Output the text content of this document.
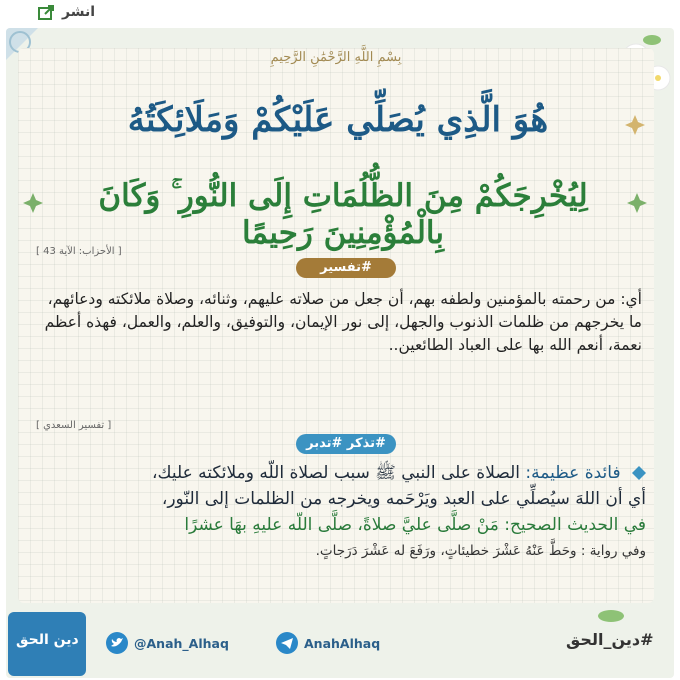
انشر
بِسْمِ اللَّهِ الرَّحْمَٰنِ الرَّحِيمِ
هُوَ الَّذِي يُصَلِّي عَلَيْكُمْ وَمَلَائِكَتُهُ
لِيُخْرِجَكُمْ مِنَ الظُّلُمَاتِ إِلَى النُّورِ ۚ وَكَانَ بِالْمُؤْمِنِينَ رَحِيمًا
[ الأحزاب: الآية 43 ]
#تفسير
أي: من رحمته بالمؤمنين ولطفه بهم، أن جعل من صلاته عليهم، وثنائه، وصلاة ملائكته ودعائهم، ما يخرجهم من ظلمات الذنوب والجهل، إلى نور الإيمان، والتوفيق، والعلم، والعمل، فهذه أعظم نعمة، أنعم الله بها على العباد الطائعين..
[ تفسير السعدي ]
#تذكر #تدبر
فائدة عظيمة: الصلاة على النبي ﷺ سبب لصلاة اللّه وملائكته عليك،
أي أن اللهَ سيُصلِّي على العبد ويَرْحَمه ويخرجه من الظلمات إلى النّور،
في الحديث الصحيح: مَنْ صلَّى عليَّ صلاةً، صلَّى اللّه عليهِ بهَا عشرًا
وفي رواية : وحَطَّ عَنْهُ عَشْرَ خطيئاتٍ، ورَفَعَ له عَشْرَ دَرَجاتٍ.
دين الحق	@Anah_Alhaq	AnahAlhaq	#دين_الحق
